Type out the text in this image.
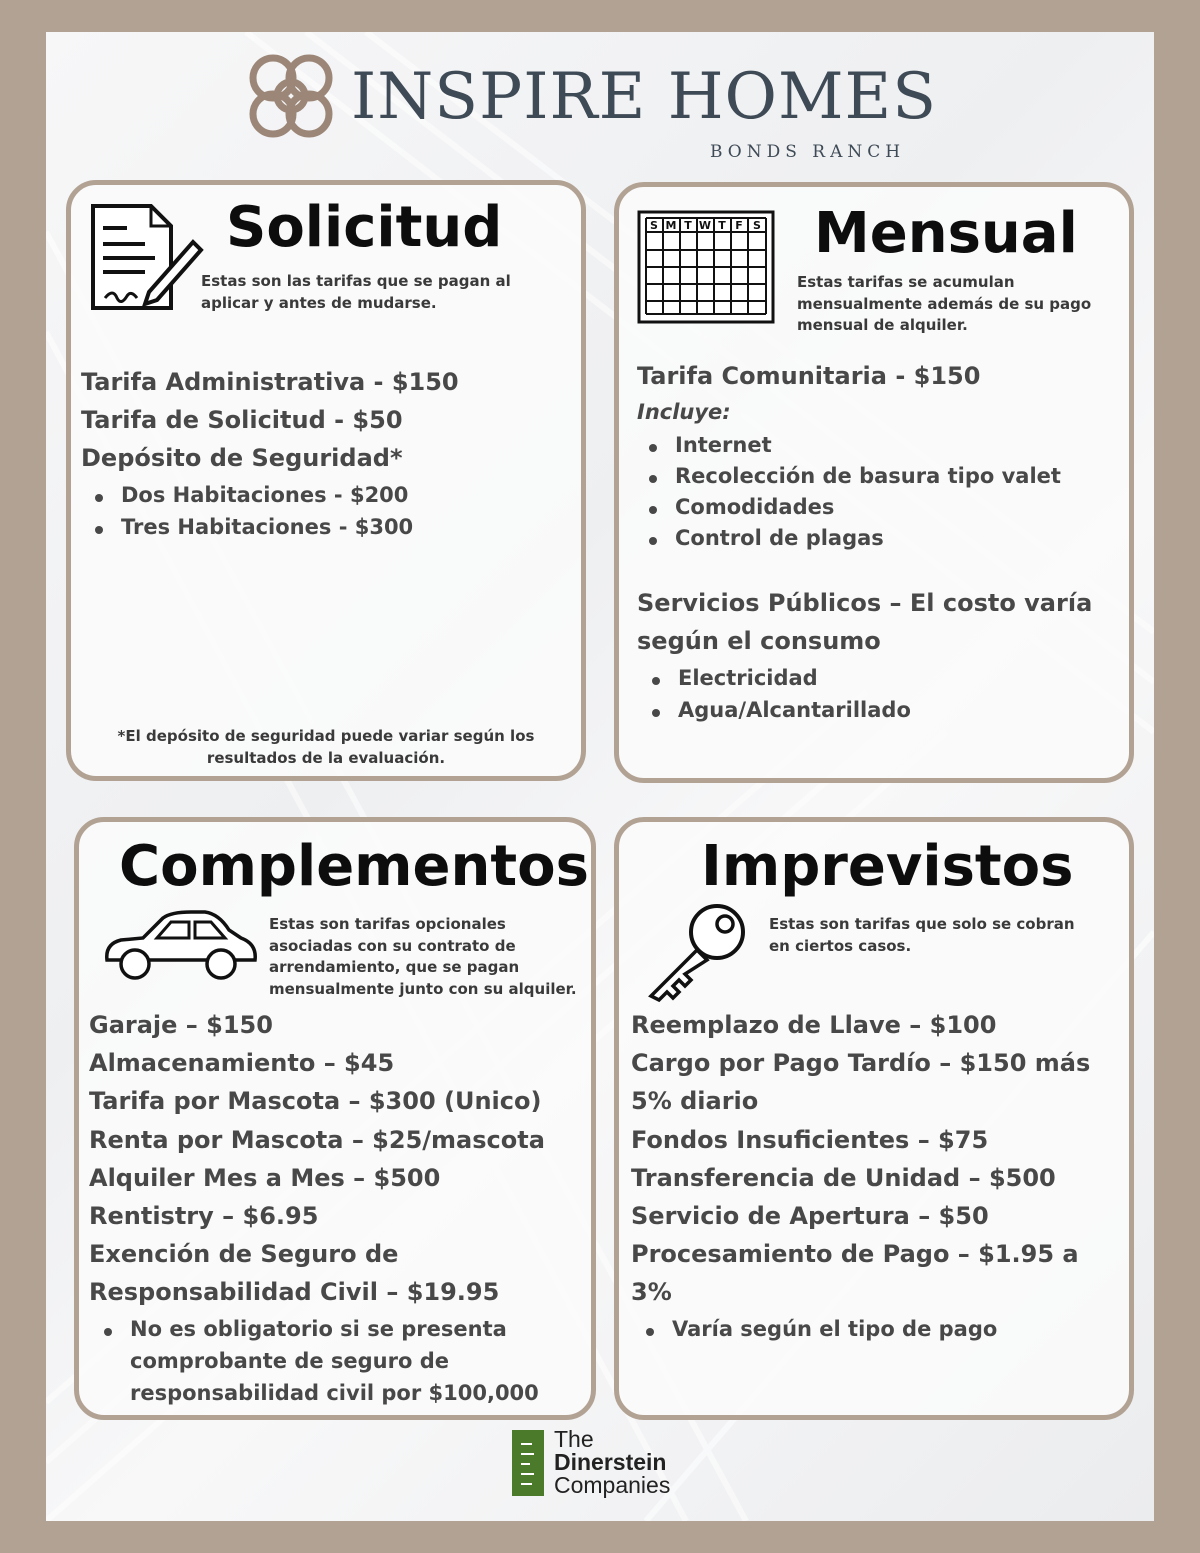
INSPIRE HOMES
BONDS RANCH
Solicitud
Estas son las tarifas que se pagan al aplicar y antes de mudarse.
Tarifa Administrativa - $150
Tarifa de Solicitud - $50
Depósito de Seguridad*
Dos Habitaciones - $200
Tres Habitaciones - $300
*El depósito de seguridad puede variar según los resultados de la evaluación.
S M T W T F S Mensual
Estas tarifas se acumulan mensualmente además de su pago mensual de alquiler.
Tarifa Comunitaria - $150
Incluye:
Internet
Recolección de basura tipo valet
Comodidades
Control de plagas
Servicios Públicos – El costo varía
según el consumo
Electricidad
Agua/Alcantarillado
Complementos
Estas son tarifas opcionales asociadas con su contrato de arrendamiento, que se pagan mensualmente junto con su alquiler.
Garaje – $150
Almacenamiento – $45
Tarifa por Mascota – $300 (Unico)
Renta por Mascota – $25/mascota
Alquiler Mes a Mes – $500
Rentistry – $6.95
Exención de Seguro de
Responsabilidad Civil – $19.95
No es obligatorio si se presenta
comprobante de seguro de
responsabilidad civil por $100,000
Imprevistos
Estas son tarifas que solo se cobran en ciertos casos.
Reemplazo de Llave – $100
Cargo por Pago Tardío – $150 más
5% diario
Fondos Insuficientes – $75
Transferencia de Unidad – $500
Servicio de Apertura – $50
Procesamiento de Pago – $1.95 a
3%
Varía según el tipo de pago
The
Dinerstein
Companies
